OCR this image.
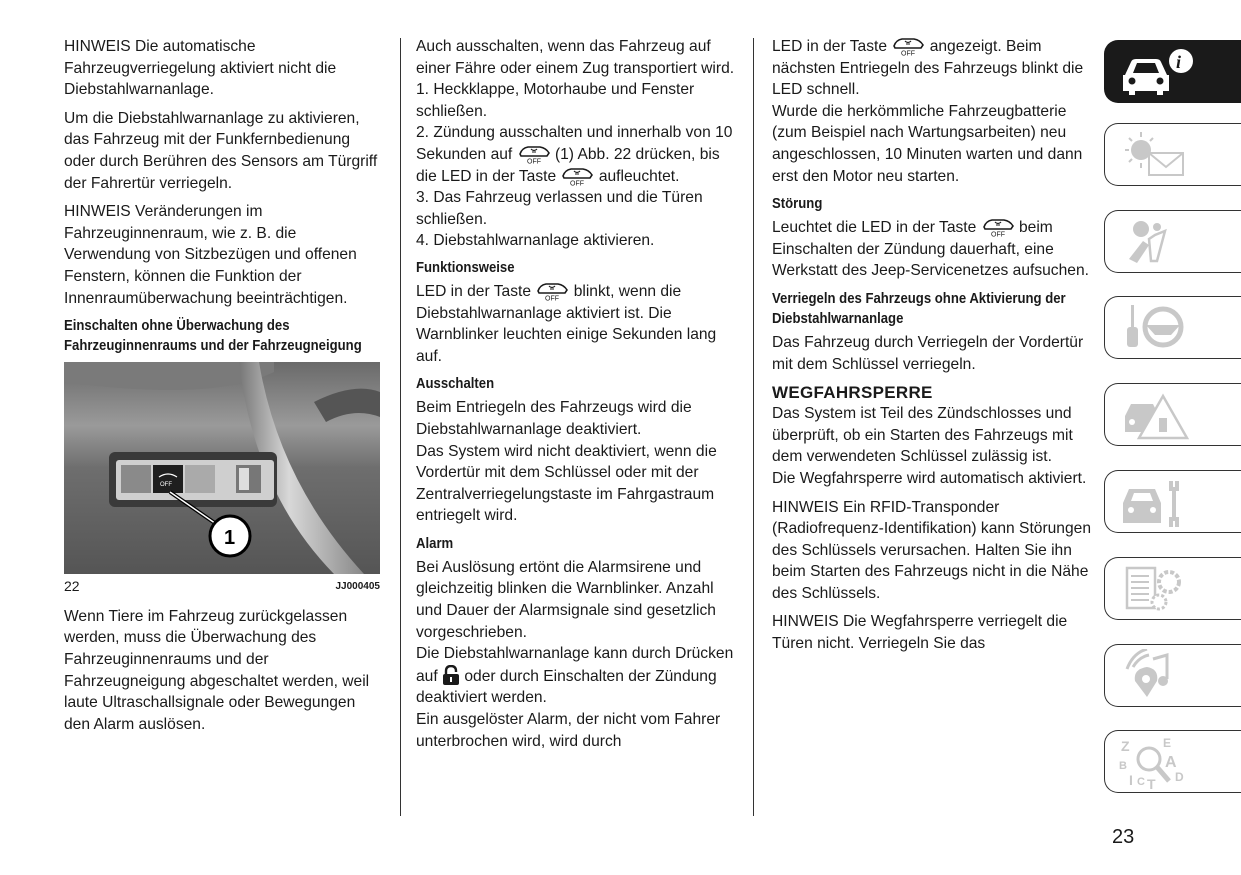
HINWEIS Die automatische Fahrzeugverriegelung aktiviert nicht die Diebstahlwarnanlage.

Um die Diebstahlwarnanlage zu aktivieren, das Fahrzeug mit der Funkfernbedienung oder durch Berühren des Sensors am Türgriff der Fahrertür verriegeln.

HINWEIS Veränderungen im Fahrzeuginnenraum, wie z. B. die Verwendung von Sitzbezügen und offenen Fenstern, können die Funktion der Innenraumüberwachung beeinträchtigen.

Einschalten ohne Überwachung des Fahrzeuginnenraums und der Fahrzeugneigung
OFF
1
22	JJ000405

Wenn Tiere im Fahrzeug zurückgelassen werden, muss die Überwachung des Fahrzeuginnenraums und der Fahrzeugneigung abgeschaltet werden, weil laute Ultraschallsignale oder Bewegungen den Alarm auslösen.

Auch ausschalten, wenn das Fahrzeug auf einer Fähre oder einem Zug transportiert wird.

1. Heckklappe, Motorhaube und Fenster schließen.

2. Zündung ausschalten und innerhalb von 10 Sekunden auf	(1) Abb. 22 drücken, bis die LED in der Taste	aufleuchtet.

3. Das Fahrzeug verlassen und die Türen schließen.

4. Diebstahlwarnanlage aktivieren.

Funktionsweise

LED in der Taste	blinkt, wenn die Diebstahlwarnanlage aktiviert ist. Die Warnblinker leuchten einige Sekunden lang auf.

Ausschalten

Beim Entriegeln des Fahrzeugs wird die Diebstahlwarnanlage deaktiviert.

Das System wird nicht deaktiviert, wenn die Vordertür mit dem Schlüssel oder mit der Zentralverriegelungstaste im Fahrgastraum entriegelt wird.

Alarm

Bei Auslösung ertönt die Alarmsirene und gleichzeitig blinken die Warnblinker. Anzahl und Dauer der Alarmsignale sind gesetzlich vorgeschrieben.

Die Diebstahlwarnanlage kann durch Drücken auf oder durch Einschalten der Zündung deaktiviert werden.

Ein ausgelöster Alarm, der nicht vom Fahrer unterbrochen wird, wird durch

LED in der Taste	angezeigt. Beim nächsten Entriegeln des Fahrzeugs blinkt die LED schnell.

Wurde die herkömmliche Fahrzeugbatterie (zum Beispiel nach Wartungsarbeiten) neu angeschlossen, 10 Minuten warten und dann erst den Motor neu starten.

Störung

Leuchtet die LED in der Taste	beim Einschalten der Zündung dauerhaft, eine Werkstatt des Jeep-Servicenetzes aufsuchen.

Verriegeln des Fahrzeugs ohne Aktivierung der Diebstahlwarnanlage

Das Fahrzeug durch Verriegeln der Vordertür mit dem Schlüssel verriegeln.

WEGFAHRSPERRE

Das System ist Teil des Zündschlosses und überprüft, ob ein Starten des Fahrzeugs mit dem verwendeten Schlüssel zulässig ist.

Die Wegfahrsperre wird automatisch aktiviert.

HINWEIS Ein RFID-Transponder (Radiofrequenz-Identifikation) kann Störungen des Schlüssels verursachen. Halten Sie ihn beim Starten des Fahrzeugs nicht in die Nähe des Schlüssels.

HINWEIS Die Wegfahrsperre verriegelt die Türen nicht. Verriegeln Sie das

i
Z	E
B A
D
I C T
23
